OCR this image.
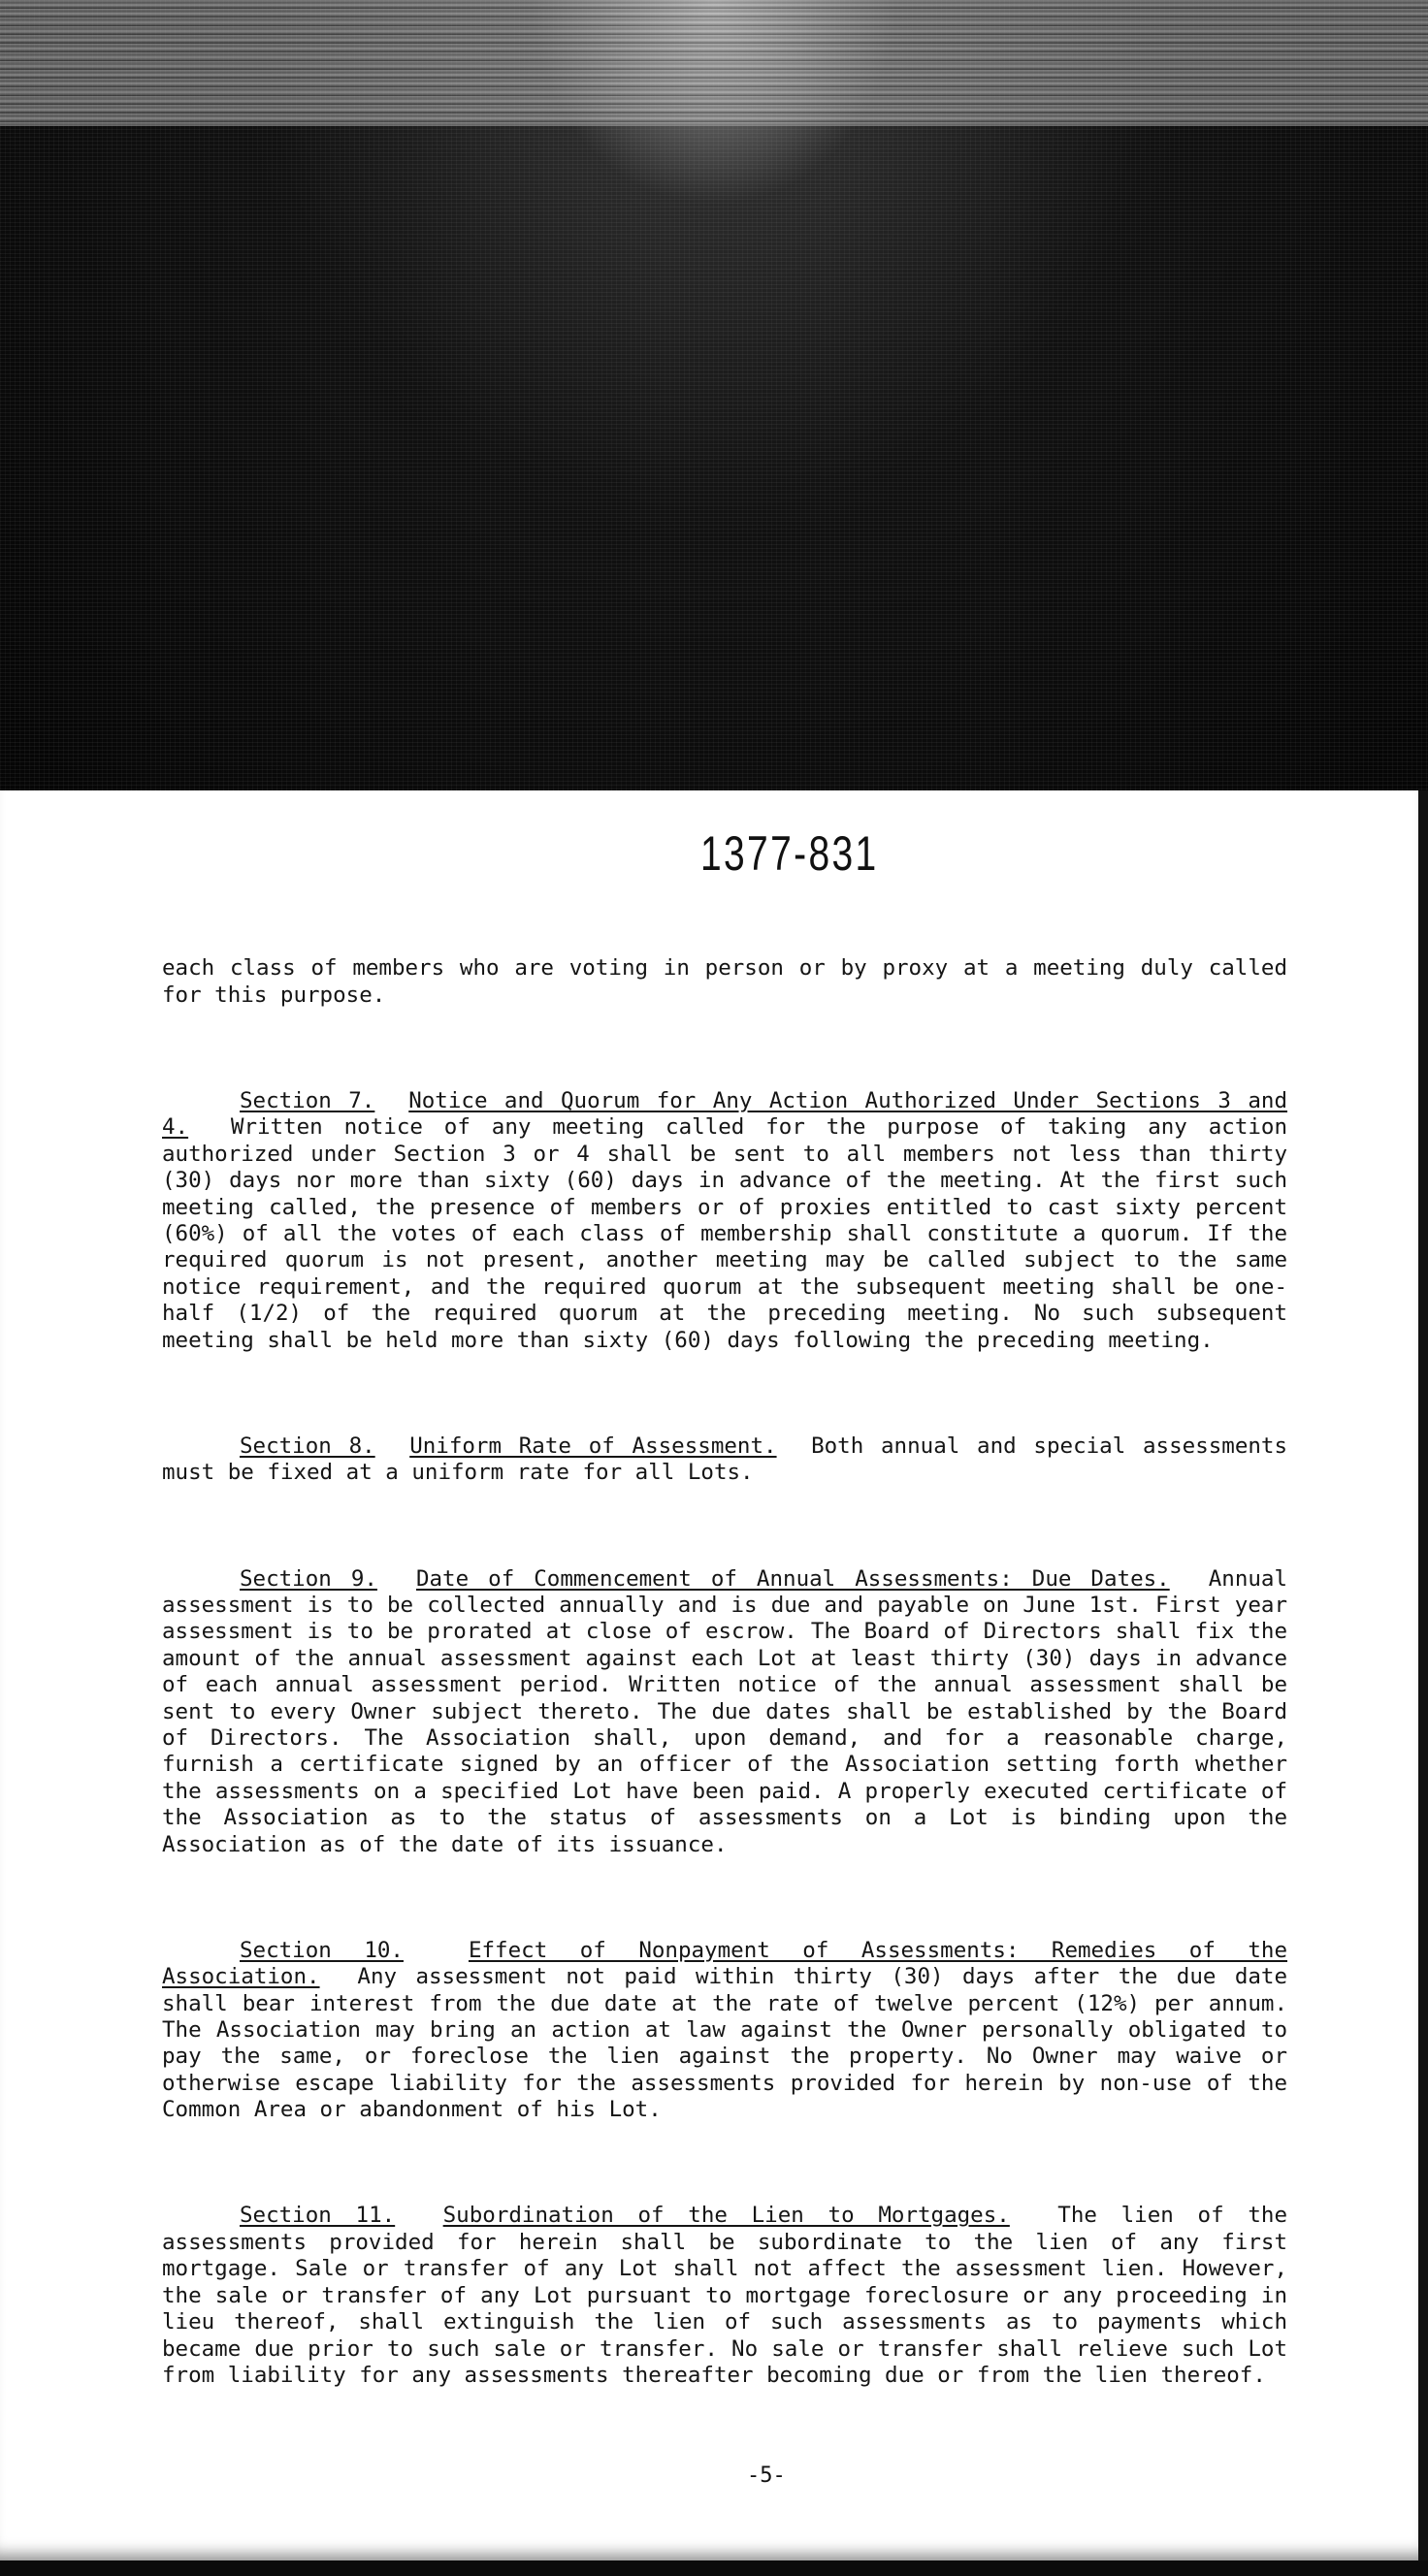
1377-831

each class of members who are voting in person or by proxy at a meeting duly called for this purpose.

Section 7. Notice and Quorum for Any Action Authorized Under Sections 3 and 4. Written notice of any meeting called for the purpose of taking any action authorized under Section 3 or 4 shall be sent to all members not less than thirty (30) days nor more than sixty (60) days in advance of the meeting. At the first such meeting called, the presence of members or of proxies entitled to cast sixty percent (60%) of all the votes of each class of membership shall constitute a quorum. If the required quorum is not present, another meeting may be called subject to the same notice requirement, and the required quorum at the subsequent meeting shall be one-half (1/2) of the required quorum at the preceding meeting. No such subsequent meeting shall be held more than sixty (60) days following the preceding meeting.

Section 8. Uniform Rate of Assessment. Both annual and special assessments must be fixed at a uniform rate for all Lots.

Section 9. Date of Commencement of Annual Assessments: Due Dates. Annual assessment is to be collected annually and is due and payable on June 1st. First year assessment is to be prorated at close of escrow. The Board of Directors shall fix the amount of the annual assessment against each Lot at least thirty (30) days in advance of each annual assessment period. Written notice of the annual assessment shall be sent to every Owner subject thereto. The due dates shall be established by the Board of Directors. The Association shall, upon demand, and for a reasonable charge, furnish a certificate signed by an officer of the Association setting forth whether the assessments on a specified Lot have been paid. A properly executed certificate of the Association as to the status of assessments on a Lot is binding upon the Association as of the date of its issuance.

Section 10.	Effect of Nonpayment of Assessments: Remedies of the Association. Any assessment not paid within thirty (30) days after the due date shall bear interest from the due date at the rate of twelve percent (12%) per annum. The Association may bring an action at law against the Owner personally obligated to pay the same, or foreclose the lien against the property. No Owner may waive or otherwise escape liability for the assessments provided for herein by non-use of the Common Area or abandonment of his Lot.

Section 11. Subordination of the Lien to Mortgages. The lien of the assessments provided for herein shall be subordinate to the lien of any first mortgage. Sale or transfer of any Lot shall not affect the assessment lien. However, the sale or transfer of any Lot pursuant to mortgage foreclosure or any proceeding in lieu thereof, shall extinguish the lien of such assessments as to payments which became due prior to such sale or transfer. No sale or transfer shall relieve such Lot from liability for any assessments thereafter becoming due or from the lien thereof.

-5-
